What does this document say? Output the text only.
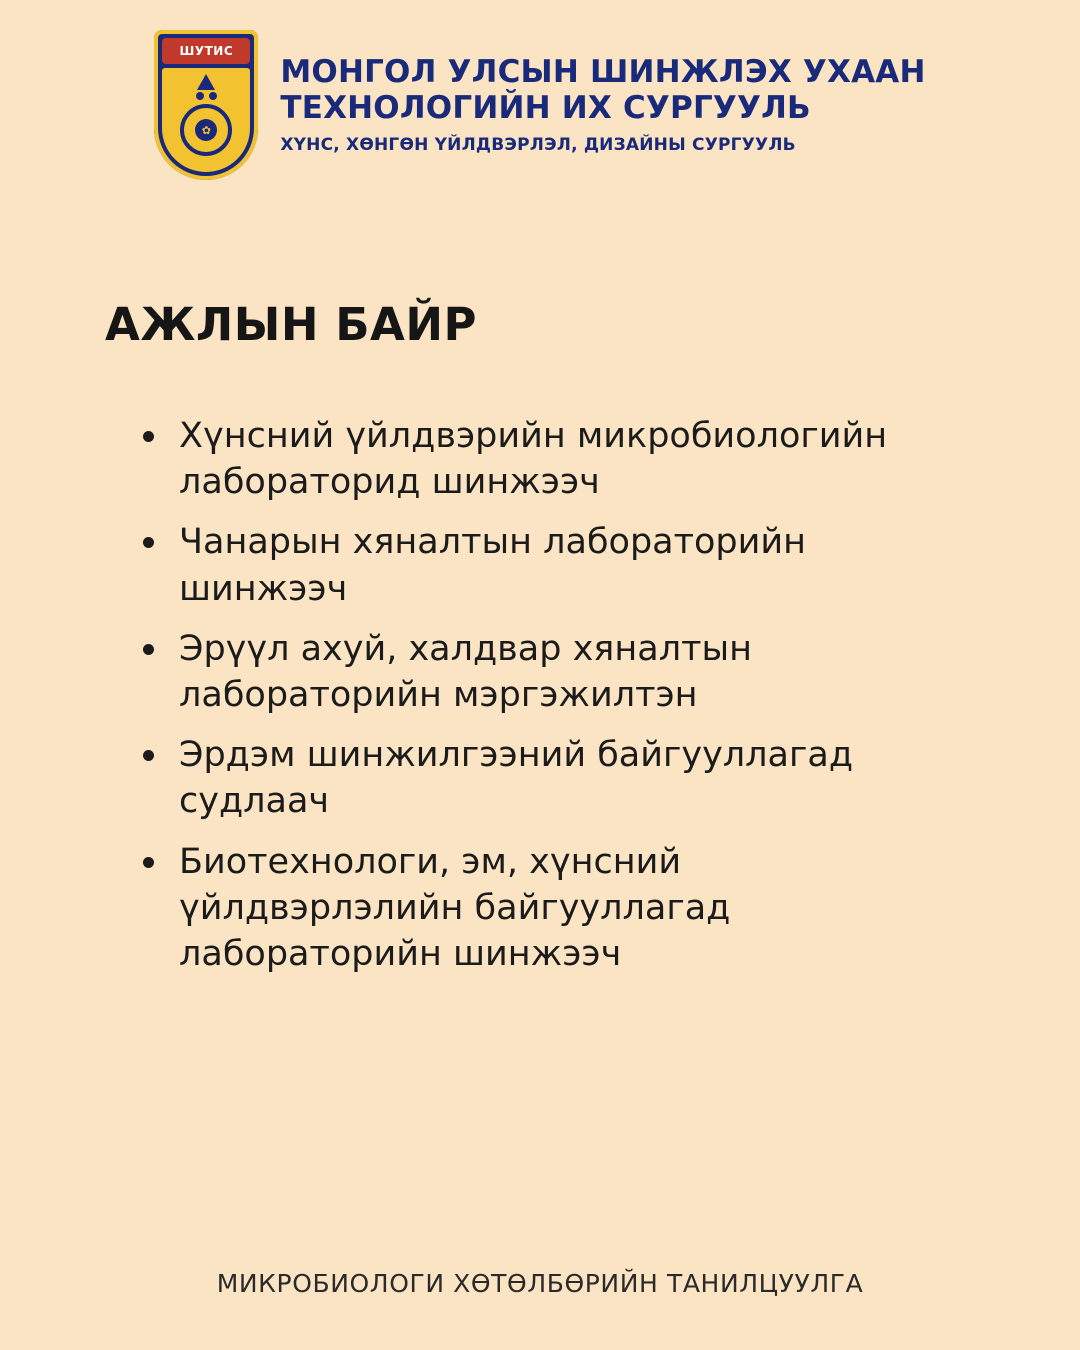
ШУТИС
✿
МОНГОЛ УЛСЫН ШИНЖЛЭХ УХААН
ТЕХНОЛОГИЙН ИХ СУРГУУЛЬ
ХҮНС, ХӨНГӨН ҮЙЛДВЭРЛЭЛ, ДИЗАЙНЫ СУРГУУЛЬ
АЖЛЫН БАЙР
Хүнсний үйлдвэрийн микробиологийн лабораторид шинжээч
Чанарын хяналтын лабораторийн шинжээч
Эрүүл ахуй, халдвар хяналтын лабораторийн мэргэжилтэн
Эрдэм шинжилгээний байгууллагад судлаач
Биотехнологи, эм, хүнсний үйлдвэрлэлийн байгууллагад лабораторийн шинжээч
МИКРОБИОЛОГИ ХӨТӨЛБӨРИЙН ТАНИЛЦУУЛГА
